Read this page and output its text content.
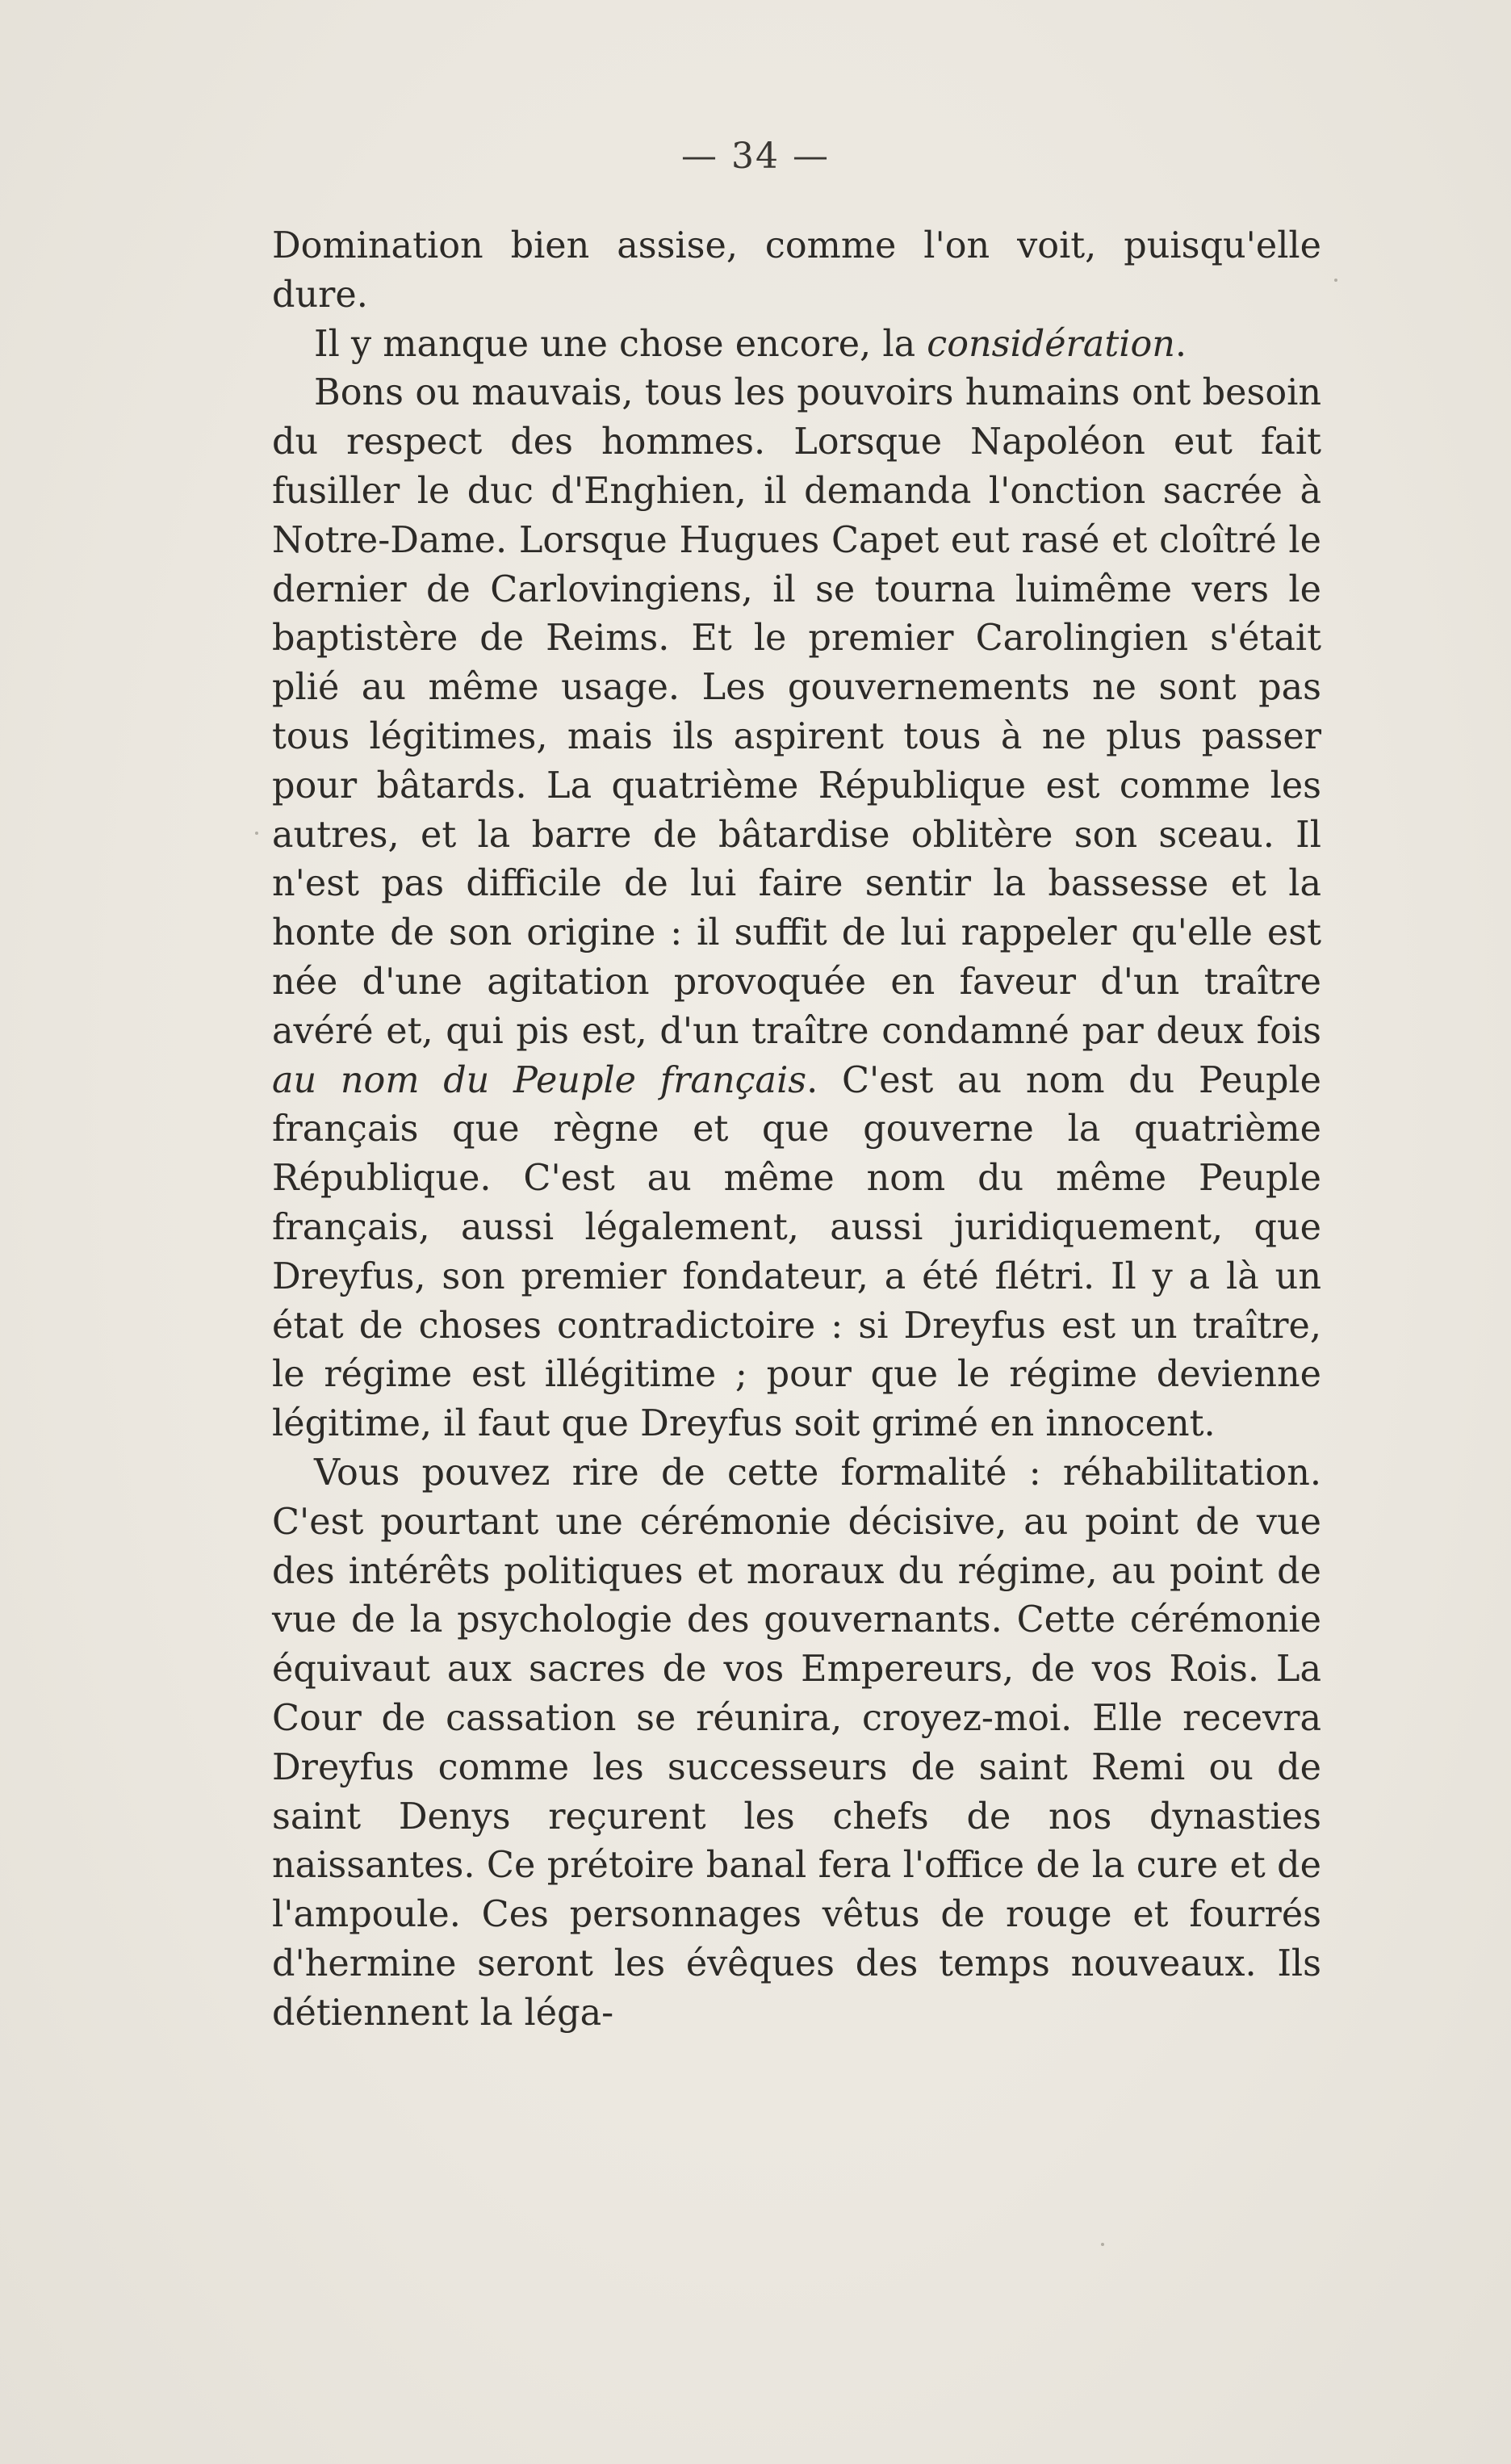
— 34 —

Domination bien assise, comme l'on voit, puisqu'elle dure.

Il y manque une chose encore, la considération.

Bons ou mauvais, tous les pouvoirs humains ont besoin du respect des hommes. Lorsque Napoléon eut fait fusiller le duc d'Enghien, il demanda l'onction sacrée à Notre-Dame. Lorsque Hugues Capet eut rasé et cloîtré le dernier de Carlovingiens, il se tourna luimême vers le baptistère de Reims. Et le premier Carolingien s'était plié au même usage. Les gouvernements ne sont pas tous légitimes, mais ils aspirent tous à ne plus passer pour bâtards. La quatrième République est comme les autres, et la barre de bâtardise oblitère son sceau. Il n'est pas difficile de lui faire sentir la bassesse et la honte de son origine : il suffit de lui rappeler qu'elle est née d'une agitation provoquée en faveur d'un traître avéré et, qui pis est, d'un traître condamné par deux fois au nom du Peuple français. C'est au nom du Peuple français que règne et que gouverne la quatrième République. C'est au même nom du même Peuple français, aussi légalement, aussi juridiquement, que Dreyfus, son premier fondateur, a été flétri. Il y a là un état de choses contradictoire : si Dreyfus est un traître, le régime est illégitime ; pour que le régime devienne légitime, il faut que Dreyfus soit grimé en innocent.

Vous pouvez rire de cette formalité : réhabilitation. C'est pourtant une cérémonie décisive, au point de vue des intérêts politiques et moraux du régime, au point de vue de la psychologie des gouvernants. Cette cérémonie équivaut aux sacres de vos Empereurs, de vos Rois. La Cour de cassation se réunira, croyez-moi. Elle recevra Dreyfus comme les successeurs de saint Remi ou de saint Denys reçurent les chefs de nos dynasties naissantes. Ce prétoire banal fera l'office de la cure et de l'ampoule. Ces personnages vêtus de rouge et fourrés d'hermine seront les évêques des temps nouveaux. Ils détiennent la léga-
